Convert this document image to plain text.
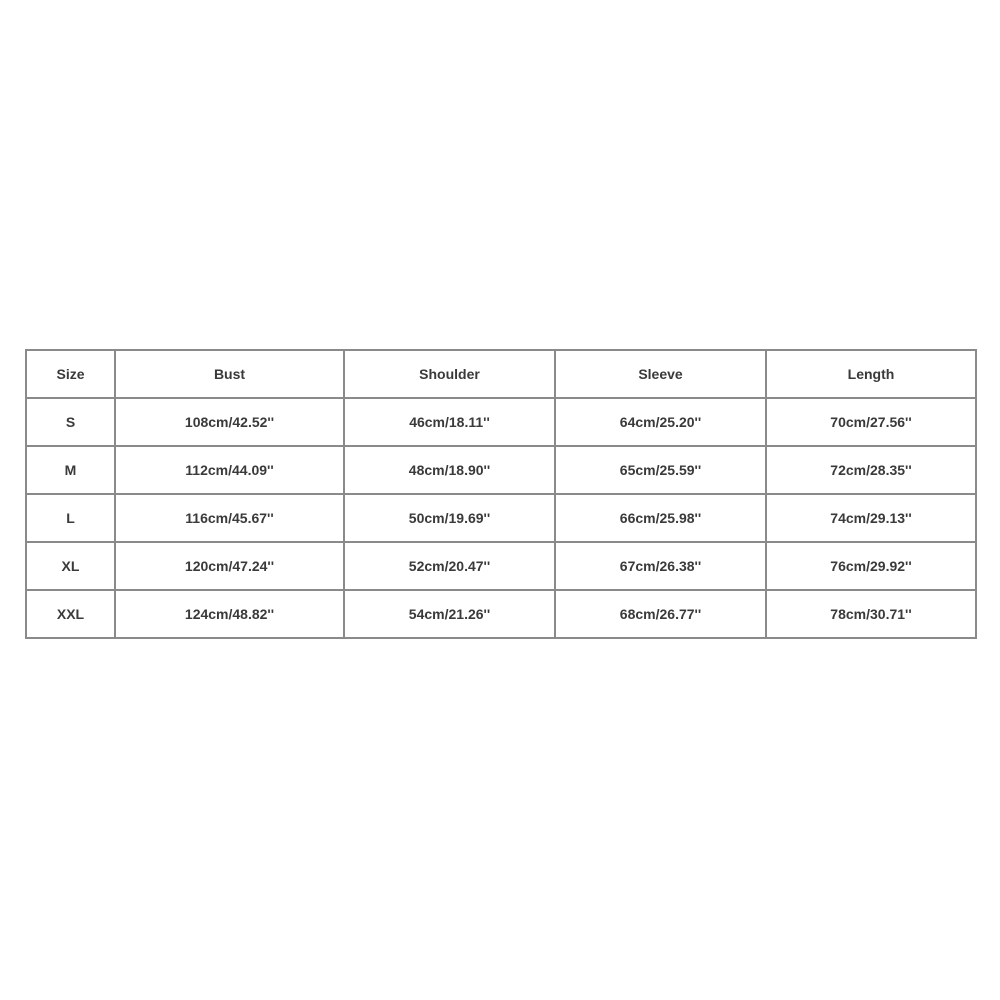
Size	Bust	Shoulder	Sleeve	Length
S	108cm/42.52''	46cm/18.11''	64cm/25.20''	70cm/27.56''
M	112cm/44.09''	48cm/18.90''	65cm/25.59''	72cm/28.35''
L	116cm/45.67''	50cm/19.69''	66cm/25.98''	74cm/29.13''
XL	120cm/47.24''	52cm/20.47''	67cm/26.38''	76cm/29.92''
XXL	124cm/48.82''	54cm/21.26''	68cm/26.77''	78cm/30.71''
